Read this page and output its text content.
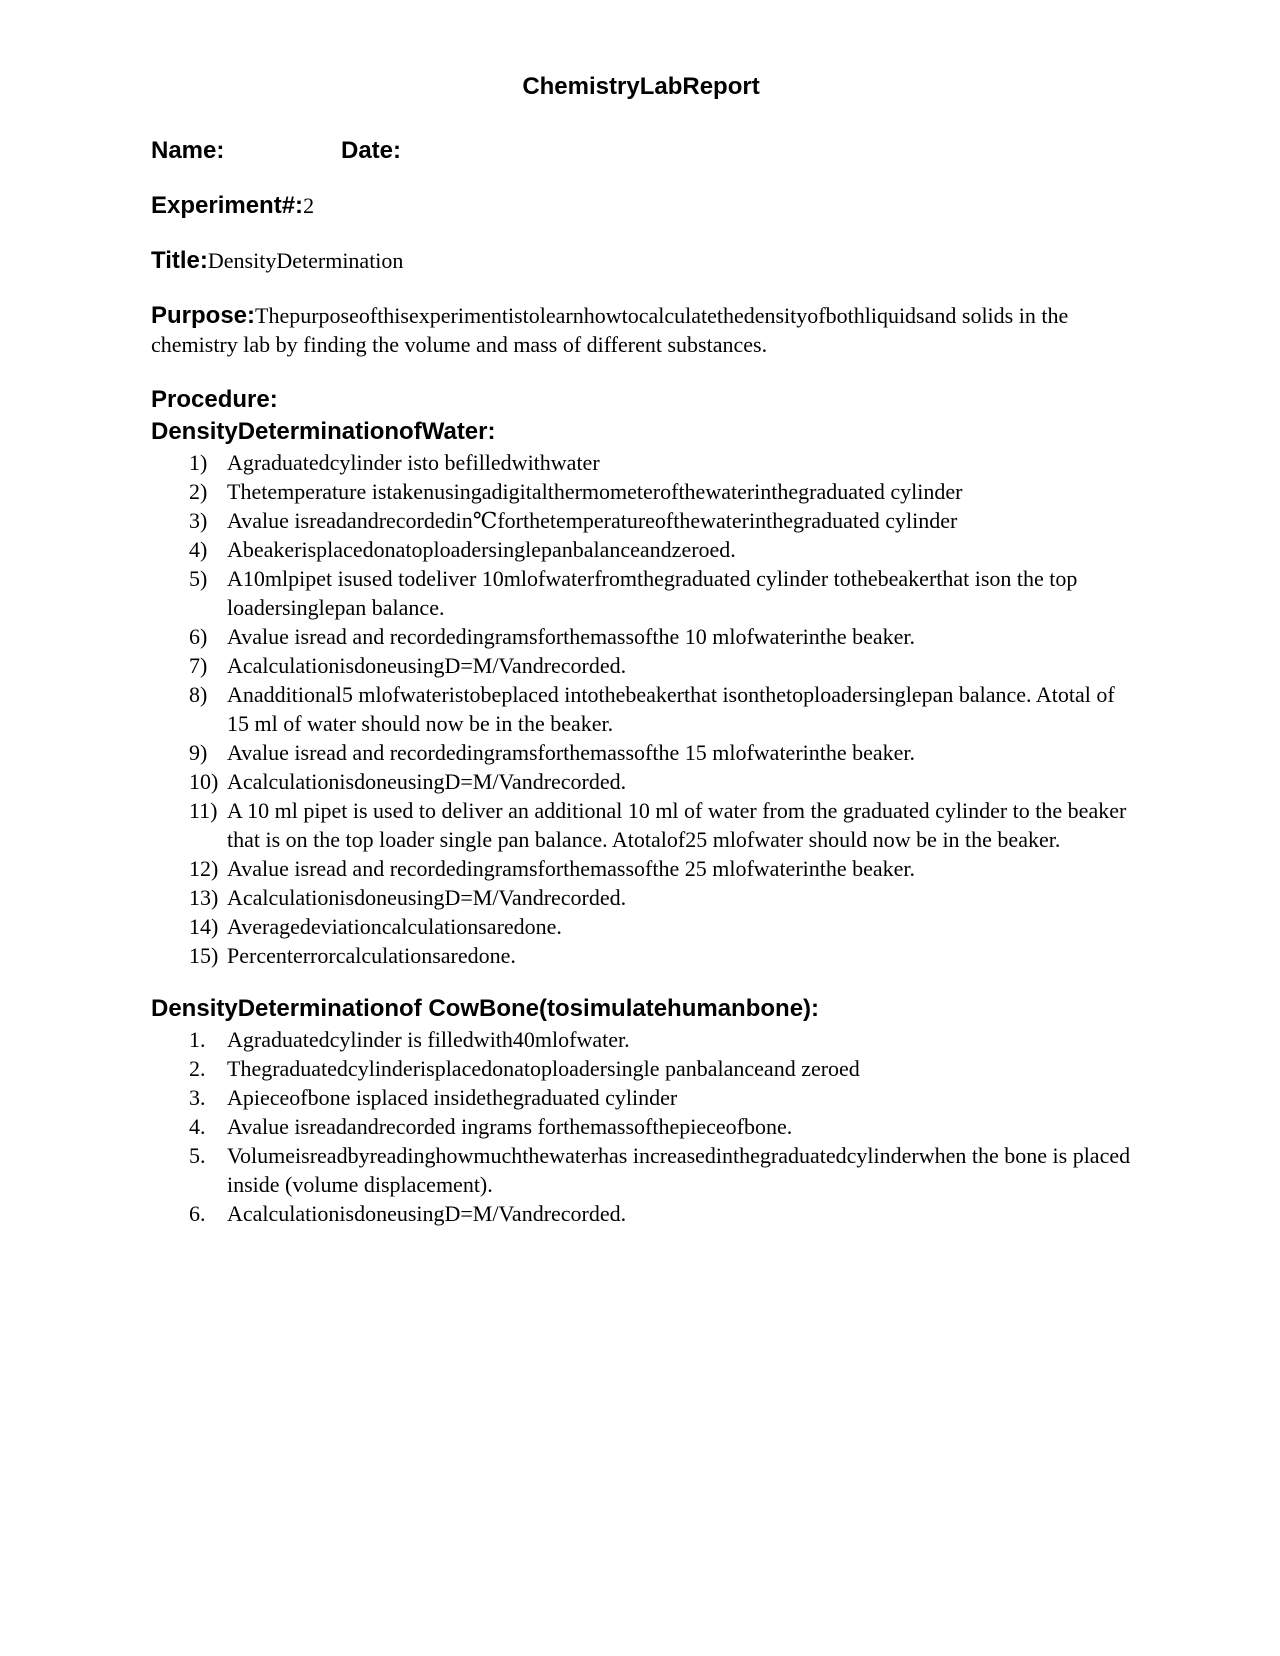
ChemistryLabReport
Name:	Date:

Experiment#:2

Title:DensityDetermination

Purpose:Thepurposeofthisexperimentistolearnhowtocalculatethedensityofbothliquidsand solids in the chemistry lab by finding the volume and mass of different substances.

Procedure:
DensityDeterminationofWater:
1) Agraduatedcylinder isto befilledwithwater
2) Thetemperature istakenusingadigitalthermometerofthewaterinthegraduated cylinder
3) Avalue isreadandrecordedin℃forthetemperatureofthewaterinthegraduated cylinder
4) Abeakerisplacedonatoploadersinglepanbalanceandzeroed.
5) A10mlpipet isused todeliver 10mlofwaterfromthegraduated cylinder tothebeakerthat ison the top loadersinglepan balance.
6) Avalue isread and recordedingramsforthemassofthe 10 mlofwaterinthe beaker.
7) AcalculationisdoneusingD=M/Vandrecorded.
8) Anadditional5 mlofwateristobeplaced intothebeakerthat isonthetoploadersinglepan balance. Atotal of 15 ml of water should now be in the beaker.
9) Avalue isread and recordedingramsforthemassofthe 15 mlofwaterinthe beaker.
10) AcalculationisdoneusingD=M/Vandrecorded.
11) A 10 ml pipet is used to deliver an additional 10 ml of water from the graduated cylinder to the beaker that is on the top loader single pan balance. Atotalof25 mlofwater should now be in the beaker.
12) Avalue isread and recordedingramsforthemassofthe 25 mlofwaterinthe beaker.
13) AcalculationisdoneusingD=M/Vandrecorded.
14) Averagedeviationcalculationsaredone.
15) Percenterrorcalculationsaredone.
DensityDeterminationof CowBone(tosimulatehumanbone):
1. Agraduatedcylinder is filledwith40mlofwater.
2. Thegraduatedcylinderisplacedonatoploadersingle panbalanceand zeroed
3. Apieceofbone isplaced insidethegraduated cylinder
4. Avalue isreadandrecorded ingrams forthemassofthepieceofbone.
5. Volumeisreadbyreadinghowmuchthewaterhas increasedinthegraduatedcylinderwhen the bone is placed inside (volume displacement).
6. AcalculationisdoneusingD=M/Vandrecorded.
